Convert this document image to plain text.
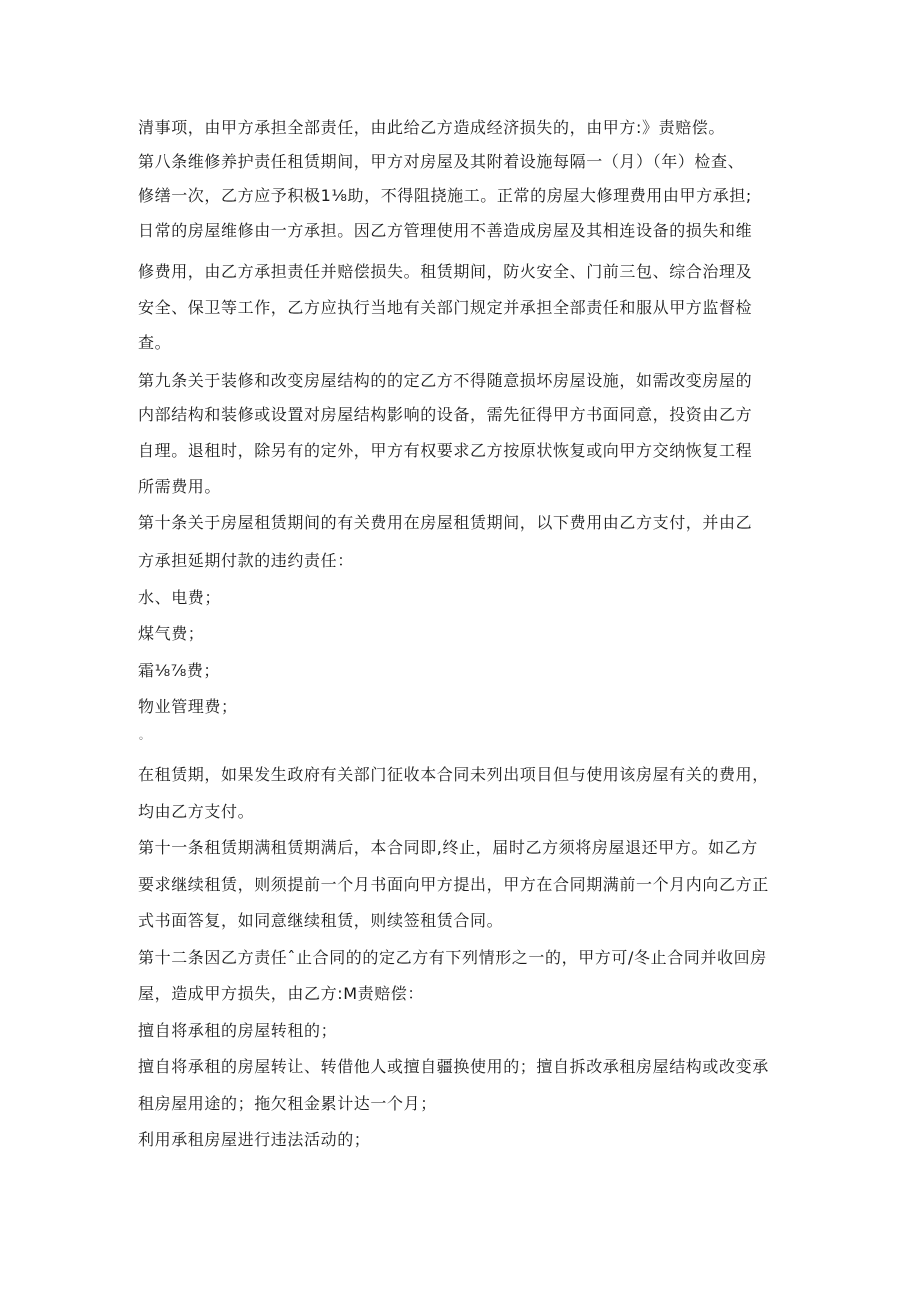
清事项，由甲方承担全部责任，由此给乙方造成经济损失的，由甲方:》责赔偿。

第八条维修养护责任租赁期间，甲方对房屋及其附着设施每隔一（月）（年）检查、

修缮一次，乙方应予积极1⅛助，不得阻挠施工。正常的房屋大修理费用由甲方承担;

日常的房屋维修由一方承担。因乙方管理使用不善造成房屋及其相连设备的损失和维

修费用，由乙方承担责任并赔偿损失。租赁期间，防火安全、门前三包、综合治理及

安全、保卫等工作，乙方应执行当地有关部门规定并承担全部责任和服从甲方监督检

查。

第九条关于装修和改变房屋结构的的定乙方不得随意损坏房屋设施，如需改变房屋的

内部结构和装修或设置对房屋结构影响的设备，需先征得甲方书面同意，投资由乙方

自理。退租时，除另有的定外，甲方有权要求乙方按原状恢复或向甲方交纳恢复工程

所需费用。

第十条关于房屋租赁期间的有关费用在房屋租赁期间，以下费用由乙方支付，并由乙

方承担延期付款的违约责任：

水、电费；

煤气费；

霜⅛⅞费；

物业管理费；

◦

在租赁期，如果发生政府有关部门征收本合同未列出项目但与使用该房屋有关的费用，

均由乙方支付。

第十一条租赁期满租赁期满后，本合同即,终止，届时乙方须将房屋退还甲方。如乙方

要求继续租赁，则须提前一个月书面向甲方提出，甲方在合同期满前一个月内向乙方正

式书面答复，如同意继续租赁，则续签租赁合同。

第十二条因乙方责任ˆ止合同的的定乙方有下列情形之一的，甲方可/冬止合同并收回房

屋，造成甲方损失，由乙方:M责赔偿：

擅自将承租的房屋转租的；

擅自将承租的房屋转让、转借他人或擅自疆换使用的；擅自拆改承租房屋结构或改变承

租房屋用途的；拖欠租金累计达一个月；

利用承租房屋进行违法活动的；
